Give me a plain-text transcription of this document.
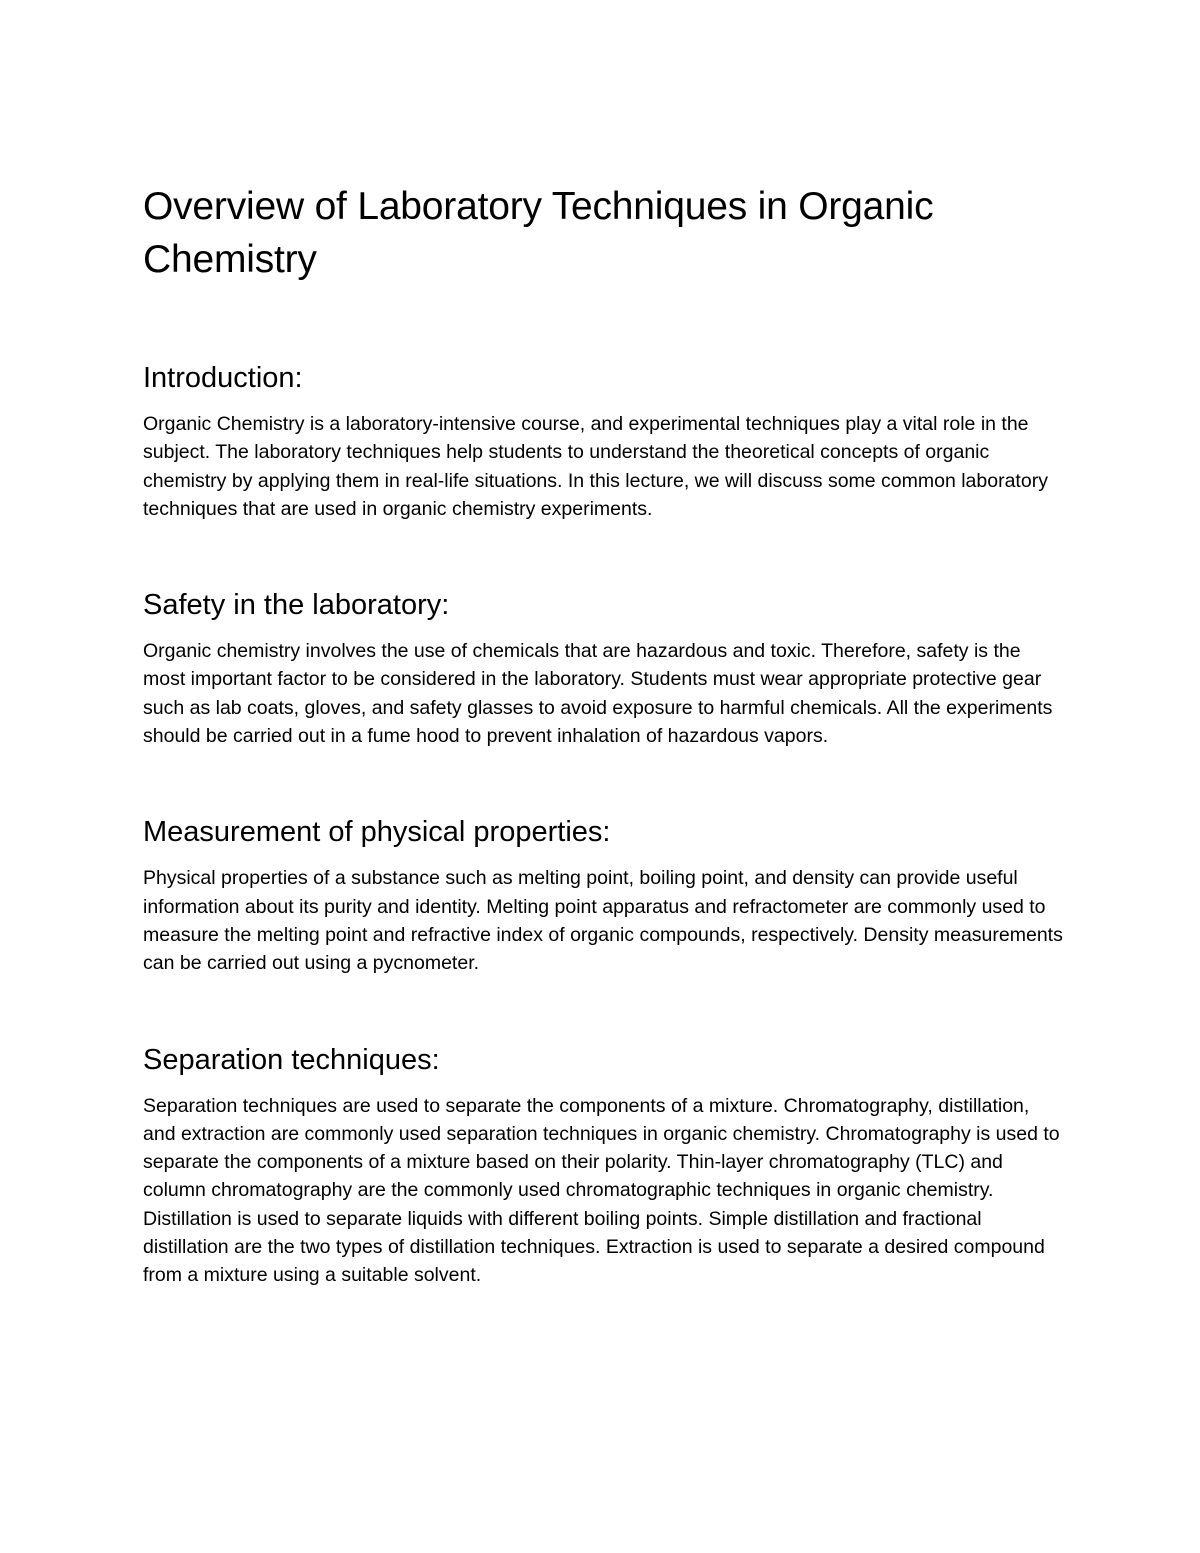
Overview of Laboratory Techniques in Organic Chemistry
Introduction:

Organic Chemistry is a laboratory-intensive course, and experimental techniques play a vital role in the subject. The laboratory techniques help students to understand the theoretical concepts of organic chemistry by applying them in real-life situations. In this lecture, we will discuss some common laboratory techniques that are used in organic chemistry experiments.

Safety in the laboratory:

Organic chemistry involves the use of chemicals that are hazardous and toxic. Therefore, safety is the most important factor to be considered in the laboratory. Students must wear appropriate protective gear such as lab coats, gloves, and safety glasses to avoid exposure to harmful chemicals. All the experiments should be carried out in a fume hood to prevent inhalation of hazardous vapors.

Measurement of physical properties:

Physical properties of a substance such as melting point, boiling point, and density can provide useful information about its purity and identity. Melting point apparatus and refractometer are commonly used to measure the melting point and refractive index of organic compounds, respectively. Density measurements can be carried out using a pycnometer.

Separation techniques:

Separation techniques are used to separate the components of a mixture. Chromatography, distillation, and extraction are commonly used separation techniques in organic chemistry. Chromatography is used to separate the components of a mixture based on their polarity. Thin-layer chromatography (TLC) and column chromatography are the commonly used chromatographic techniques in organic chemistry. Distillation is used to separate liquids with different boiling points. Simple distillation and fractional distillation are the two types of distillation techniques. Extraction is used to separate a desired compound from a mixture using a suitable solvent.
